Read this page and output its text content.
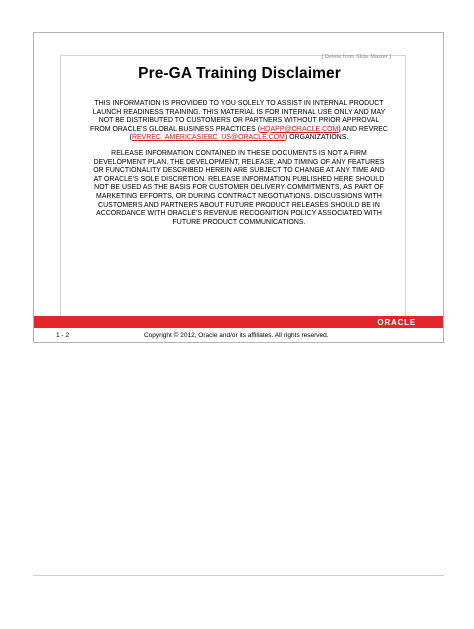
[ Delete from Slide Master ]
Pre-GA Training Disclaimer

THIS INFORMATION IS PROVIDED TO YOU SOLELY TO ASSIST IN INTERNAL PRODUCT
LAUNCH READINESS TRAINING. THIS MATERIAL IS FOR INTERNAL USE ONLY AND MAY
NOT BE DISTRIBUTED TO CUSTOMERS OR PARTNERS WITHOUT PRIOR APPROVAL
FROM ORACLE'S GLOBAL BUSINESS PRACTICES (HQAPP@ORACLE.COM) AND REVREC
(REVREC_AMERICASIEBC_US@ORACLE.COM) ORGANIZATIONS.

RELEASE INFORMATION CONTAINED IN THESE DOCUMENTS IS NOT A FIRM
DEVELOPMENT PLAN. THE DEVELOPMENT, RELEASE, AND TIMING OF ANY FEATURES
OR FUNCTIONALITY DESCRIBED HEREIN ARE SUBJECT TO CHANGE AT ANY TIME AND
AT ORACLE'S SOLE DISCRETION. RELEASE INFORMATION PUBLISHED HERE SHOULD
NOT BE USED AS THE BASIS FOR CUSTOMER DELIVERY COMMITMENTS, AS PART OF
MARKETING EFFORTS, OR DURING CONTRACT NEGOTIATIONS. DISCUSSIONS WITH
CUSTOMERS AND PARTNERS ABOUT FUTURE PRODUCT RELEASES SHOULD BE IN
ACCORDANCE WITH ORACLE'S REVENUE RECOGNITION POLICY ASSOCIATED WITH
FUTURE PRODUCT COMMUNICATIONS.

ORACLE
1 - 2	Copyright © 2012, Oracle and/or its affiliates. All rights reserved.
